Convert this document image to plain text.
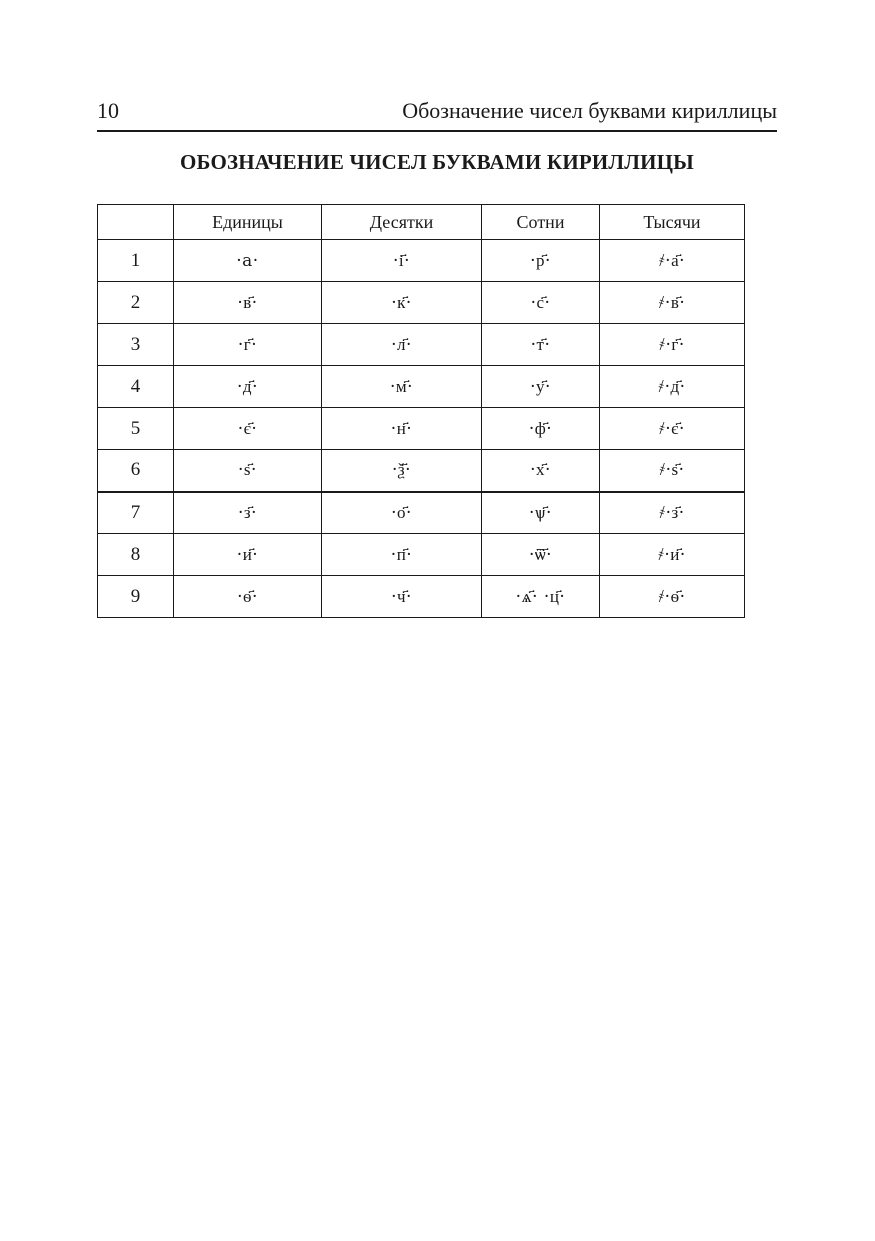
10	Обозначение чисел буквами кириллицы
ОБОЗНАЧЕНИЕ ЧИСЕЛ БУКВАМИ КИРИЛЛИЦЫ
	Единицы	Десятки	Сотни	Тысячи
1	·а·	·і҃·	·р҃·	҂·а҃·
2	·в҃·	·к҃·	·с҃·	҂·в҃·
3	·г҃·	·л҃·	·т҃·	҂·г҃·
4	·д҃·	·м҃·	·у҃·	҂·д҃·
5	·є҃·	·н҃·	·ф҃·	҂·є҃·
6	·ѕ҃·	·ѯ҃·	·х҃·	҂·ѕ҃·
7	·з҃·	·о҃·	·ѱ҃·	҂·з҃·
8	·и҃·	·п҃·	·ѿ҃·	҂·и҃·
9	·ѳ҃·	·ч҃·	·ѧ҃· ·ц҃·	҂·ѳ҃·
